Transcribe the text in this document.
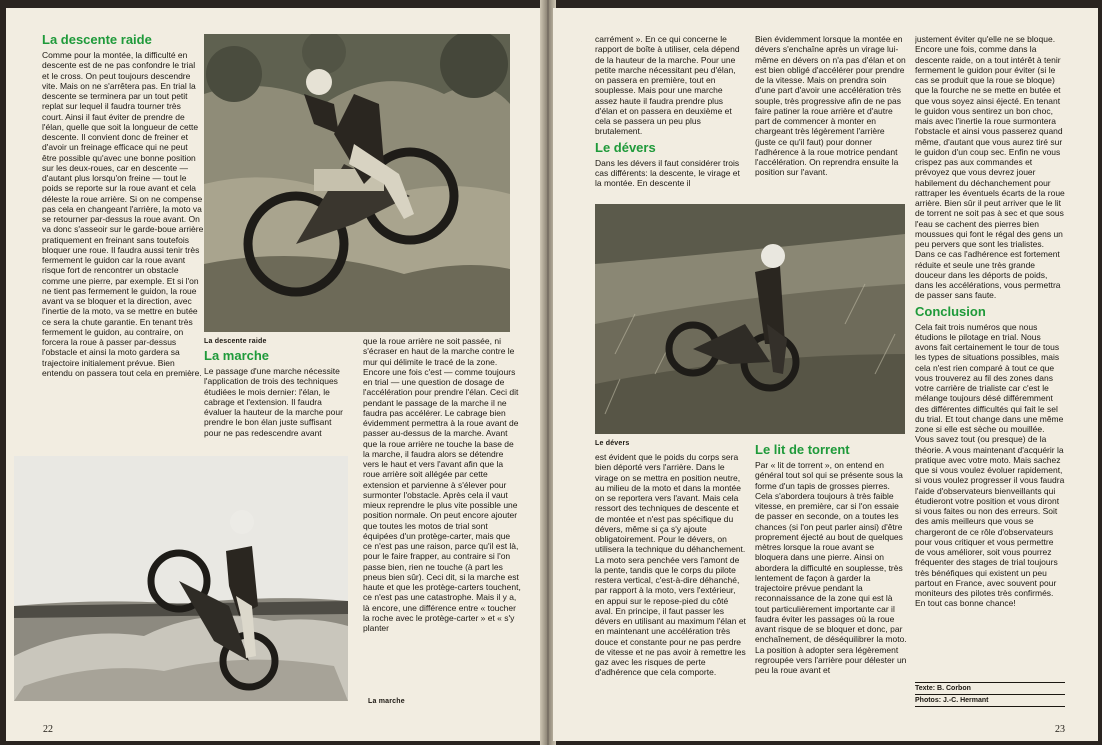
La descente raide

Comme pour la montée, la difficulté en descente est de ne pas confondre le trial et le cross. On peut toujours descendre vite. Mais on ne s'arrêtera pas. En trial la descente se terminera par un tout petit replat sur lequel il faudra tourner très court. Ainsi il faut éviter de prendre de l'élan, quelle que soit la longueur de cette descente. Il convient donc de freiner et d'avoir un freinage efficace qui ne peut être possible qu'avec une bonne position sur les deux-roues, car en descente — d'autant plus lorsqu'on freine — tout le poids se reporte sur la roue avant et cela déleste la roue arrière. Si on ne compense pas cela en changeant l'arrière, la moto va se retourner par-dessus la roue avant. On va donc s'asseoir sur le garde-boue arrière pratiquement en freinant sans toutefois bloquer une roue. Il faudra aussi tenir très fermement le guidon car la roue avant risque fort de rencontrer un obstacle comme une pierre, par exemple. Et si l'on ne tient pas fermement le guidon, la roue avant va se bloquer et la direction, avec l'inertie de la moto, va se mettre en butée ce sera la chute garantie. En tenant très fermement le guidon, au contraire, on forcera la roue à passer par-dessus l'obstacle et ainsi la moto gardera sa trajectoire initialement prévue. Bien entendu on passera tout cela en première.

La descente raide
La marche

Le passage d'une marche nécessite l'application de trois des techniques étudiées le mois dernier: l'élan, le cabrage et l'extension. Il faudra évaluer la hauteur de la marche pour prendre le bon élan juste suffisant pour ne pas redescendre avant

que la roue arrière ne soit passée, ni s'écraser en haut de la marche contre le mur qui délimite le tracé de la zone. Encore une fois c'est — comme toujours en trial — une question de dosage de l'accélération pour prendre l'élan. Ceci dit pendant le passage de la marche il ne faudra pas accélérer. Le cabrage bien évidemment permettra à la roue avant de passer au-dessus de la marche. Avant que la roue arrière ne touche la base de la marche, il faudra alors se détendre vers le haut et vers l'avant afin que la roue arrière soit allégée par cette extension et parvienne à s'élever pour surmonter l'obstacle. Après cela il vaut mieux reprendre le plus vite possible une position normale. On peut encore ajouter que toutes les motos de trial sont équipées d'un protège-carter, mais que ce n'est pas une raison, parce qu'il est là, pour le faire frapper, au contraire si l'on passe bien, rien ne touche (à part les pneus bien sûr). Ceci dit, si la marche est haute et que les protège-carters touchent, ce n'est pas une catastrophe. Mais il y a, là encore, une différence entre « toucher la roche avec le protège-carter » et « s'y planter

La marche
22

carrément ». En ce qui concerne le rapport de boîte à utiliser, cela dépend de la hauteur de la marche. Pour une petite marche nécessitant peu d'élan, on passera en première, tout en souplesse. Mais pour une marche assez haute il faudra prendre plus d'élan et on passera en deuxième et cela se passera un peu plus brutalement.

Le dévers

Dans les dévers il faut considérer trois cas différents: la descente, le virage et la montée. En descente il

Bien évidemment lorsque la montée en dévers s'enchaîne après un virage lui-même en dévers on n'a pas d'élan et on est bien obligé d'accélérer pour prendre de la vitesse. Mais on prendra soin d'une part d'avoir une accélération très souple, très progressive afin de ne pas faire patiner la roue arrière et d'autre part de commencer à monter en chargeant très légèrement l'arrière (juste ce qu'il faut) pour donner l'adhérence à la roue motrice pendant l'accélération. On reprendra ensuite la position sur l'avant.

Le dévers

est évident que le poids du corps sera bien déporté vers l'arrière. Dans le virage on se mettra en position neutre, au milieu de la moto et dans la montée on se reportera vers l'avant. Mais cela ressort des techniques de descente et de montée et n'est pas spécifique du dévers, même si ça s'y ajoute obligatoirement. Pour le dévers, on utilisera la technique du déhanchement. La moto sera penchée vers l'amont de la pente, tandis que le corps du pilote restera vertical, c'est-à-dire déhanché, par rapport à la moto, vers l'extérieur, en appui sur le repose-pied du côté aval. En principe, il faut passer les dévers en utilisant au maximum l'élan et en maintenant une accélération très douce et constante pour ne pas perdre de vitesse et ne pas avoir à remettre les gaz avec les risques de perte d'adhérence que cela comporte.

Le lit de torrent

Par « lit de torrent », on entend en général tout sol qui se présente sous la forme d'un tapis de grosses pierres. Cela s'abordera toujours à très faible vitesse, en première, car si l'on essaie de passer en seconde, on a toutes les chances (si l'on peut parler ainsi) d'être proprement éjecté au bout de quelques mètres lorsque la roue avant se bloquera dans une pierre. Ainsi on abordera la difficulté en souplesse, très lentement de façon à garder la trajectoire prévue pendant la reconnaissance de la zone qui est là tout particulièrement importante car il faudra éviter les passages où la roue avant risque de se bloquer et donc, par enchaînement, de déséquilibrer la moto. La position à adopter sera légèrement regroupée vers l'arrière pour délester un peu la roue avant et

justement éviter qu'elle ne se bloque. Encore une fois, comme dans la descente raide, on a tout intérêt à tenir fermement le guidon pour éviter (si le cas se produit que la roue se bloque) que la fourche ne se mette en butée et que vous soyez ainsi éjecté. En tenant le guidon vous sentirez un bon choc, mais avec l'inertie la roue surmontera l'obstacle et ainsi vous passerez quand même, d'autant que vous aurez tiré sur le guidon d'un coup sec. Enfin ne vous crispez pas aux commandes et prévoyez que vous devrez jouer habilement du déchanchement pour rattraper les éventuels écarts de la roue arrière. Bien sûr il peut arriver que le lit de torrent ne soit pas à sec et que sous l'eau se cachent des pierres bien moussues qui font le régal des gens un peu pervers que sont les trialistes. Dans ce cas l'adhérence est fortement réduite et seule une très grande douceur dans les déports de poids, dans les accélérations, vous permettra de passer sans faute.

Conclusion

Cela fait trois numéros que nous étudions le pilotage en trial. Nous avons fait certainement le tour de tous les types de situations possibles, mais cela n'est rien comparé à tout ce que vous trouverez au fil des zones dans votre carrière de trialiste car c'est le mélange toujours désé différemment des différentes difficultés qui fait le sel du trial. Et tout change dans une même zone si elle est sèche ou mouillée. Vous savez tout (ou presque) de la théorie. A vous maintenant d'acquérir la pratique avec votre moto. Mais sachez que si vous voulez évoluer rapidement, si vous voulez progresser il vous faudra l'aide d'observateurs bienveillants qui étudieront votre position et vous diront si vous faites ou non des erreurs. Soit des amis meilleurs que vous se chargeront de ce rôle d'observateurs pour vous critiquer et vous permettre de vous améliorer, soit vous pourrez fréquenter des stages de trial toujours très bénéfiques qui existent un peu partout en France, avec souvent pour moniteurs des pilotes très confirmés. En tout cas bonne chance!

Texte: B. Corbon
Photos: J.-C. Hermant
23
